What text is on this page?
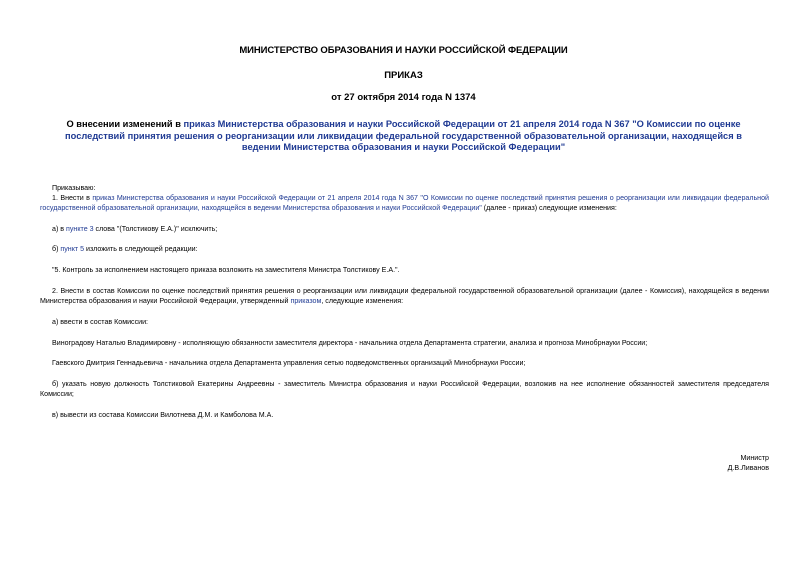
МИНИСТЕРСТВО ОБРАЗОВАНИЯ И НАУКИ РОССИЙСКОЙ ФЕДЕРАЦИИ
ПРИКАЗ
от 27 октября 2014 года N 1374
О внесении изменений в приказ Министерства образования и науки Российской Федерации от 21 апреля 2014 года N 367 "О Комиссии по оценке последствий принятия решения о реорганизации или ликвидации федеральной государственной образовательной организации, находящейся в ведении Министерства образования и науки Российской Федерации"
Приказываю:
1. Внести в приказ Министерства образования и науки Российской Федерации от 21 апреля 2014 года N 367 "О Комиссии по оценке последствий принятия решения о реорганизации или ликвидации федеральной государственной образовательной организации, находящейся в ведении Министерства образования и науки Российской Федерации" (далее - приказ) следующие изменения:
а) в пункте 3 слова "(Толстикову Е.А.)" исключить;
б) пункт 5 изложить в следующей редакции:
"5. Контроль за исполнением настоящего приказа возложить на заместителя Министра Толстикову Е.А.".
2. Внести в состав Комиссии по оценке последствий принятия решения о реорганизации или ликвидации федеральной государственной образовательной организации (далее - Комиссия), находящейся в ведении Министерства образования и науки Российской Федерации, утвержденный приказом, следующие изменения:
а) ввести в состав Комиссии:
Виноградову Наталью Владимировну - исполняющую обязанности заместителя директора - начальника отдела Департамента стратегии, анализа и прогноза Минобрнауки России;
Гаевского Дмитрия Геннадьевича - начальника отдела Департамента управления сетью подведомственных организаций Минобрнауки России;
б) указать новую должность Толстиковой Екатерины Андреевны - заместитель Министра образования и науки Российской Федерации, возложив на нее исполнение обязанностей заместителя председателя Комиссии;
в) вывести из состава Комиссии Вилотнева Д.М. и Камболова М.А.
Министр
Д.В.Ливанов
